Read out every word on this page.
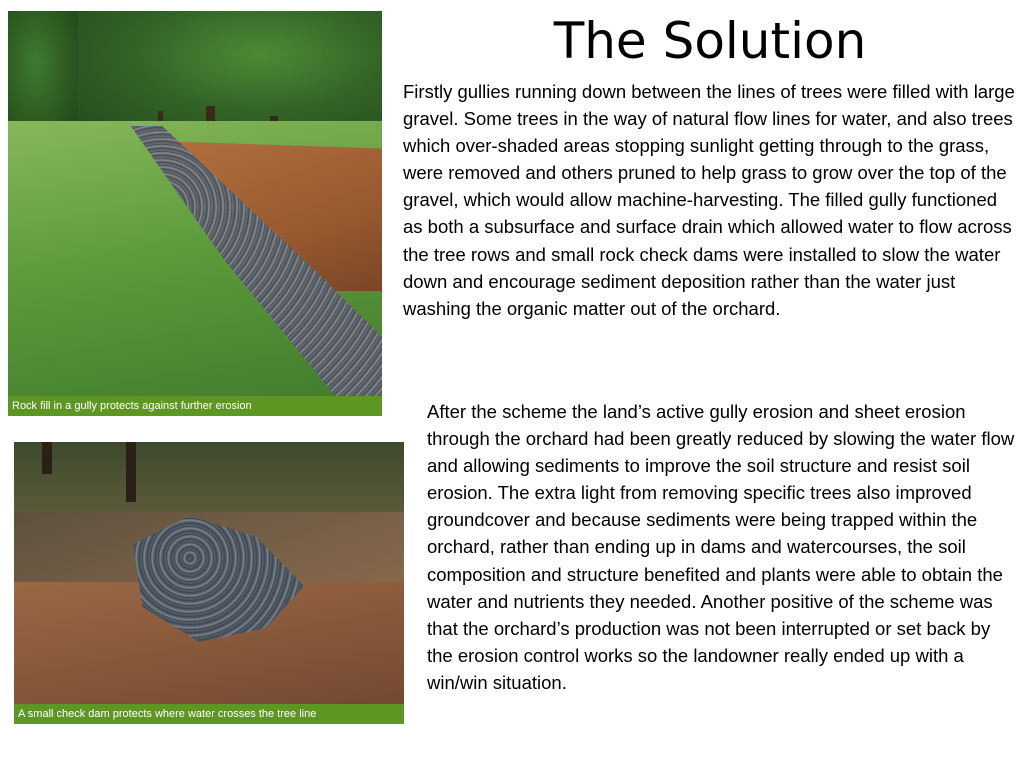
The Solution
Rock fill in a gully protects against further erosion
A small check dam protects where water crosses the tree line

Firstly gullies running down between the lines of trees were filled with large gravel. Some trees in the way of natural flow lines for water, and also trees which over-shaded areas stopping sunlight getting through to the grass, were removed and others pruned to help grass to grow over the top of the gravel, which would allow machine-harvesting. The filled gully functioned as both a subsurface and surface drain which allowed water to flow across the tree rows and small rock check dams were installed to slow the water down and encourage sediment deposition rather than the water just washing the organic matter out of the orchard.

After the scheme the land’s active gully erosion and sheet erosion through the orchard had been greatly reduced by slowing the water flow and allowing sediments to improve the soil structure and resist soil erosion. The extra light from removing specific trees also improved groundcover and because sediments were being trapped within the orchard, rather than ending up in dams and watercourses, the soil composition and structure benefited and plants were able to obtain the water and nutrients they needed. Another positive of the scheme was that the orchard’s production was not been interrupted or set back by the erosion control works so the landowner really ended up with a win/win situation.
